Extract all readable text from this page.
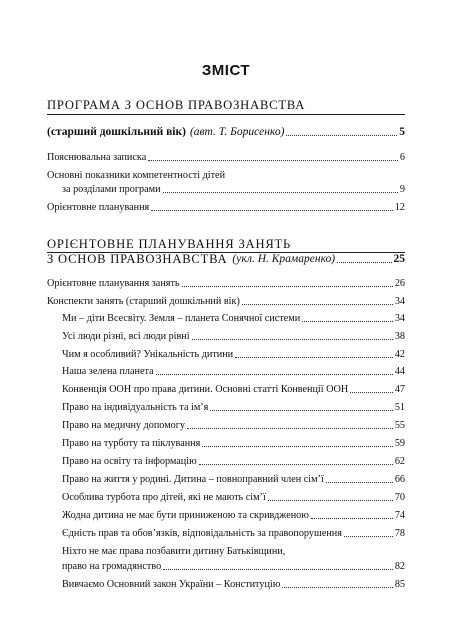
ЗМІСТ
ПРОГРАМА З ОСНОВ ПРАВОЗНАВСТВА
(старший дошкільний вік) (авт. Т. Борисенко)	5
Пояснювальна записка	6
Основні показники компетентності дітей
за розділами програми	9
Орієнтовне планування	12
ОРІЄНТОВНЕ ПЛАНУВАННЯ ЗАНЯТЬ
З ОСНОВ ПРАВОЗНАВСТВА (укл. Н. Крамаренко)	25
Орієнтовне планування занять	26
Конспекти занять (старший дошкільний вік)	34
Ми – діти Всесвіту. Земля – планета Сонячної системи	34
Усі люди різні, всі люди рівні	38
Чим я особливий? Унікальність дитини	42
Наша зелена планета	44
Конвенція ООН про права дитини. Основні статті Конвенції ООН	47
Право на індивідуальність та ім’я	51
Право на медичну допомогу	55
Право на турботу та піклування	59
Право на освіту та інформацію	62
Право на життя у родині. Дитина – повноправний член сім’ї	66
Особлива турбота про дітей, які не мають сім’ї	70
Жодна дитина не має бути приниженою та скривдженою	74
Єдність прав та обов’язків, відповідальність за правопорушення	78
Ніхто не має права позбавити дитину Батьківщини,
право на громадянство	82
Вивчаємо Основний закон України – Конституцію	85
